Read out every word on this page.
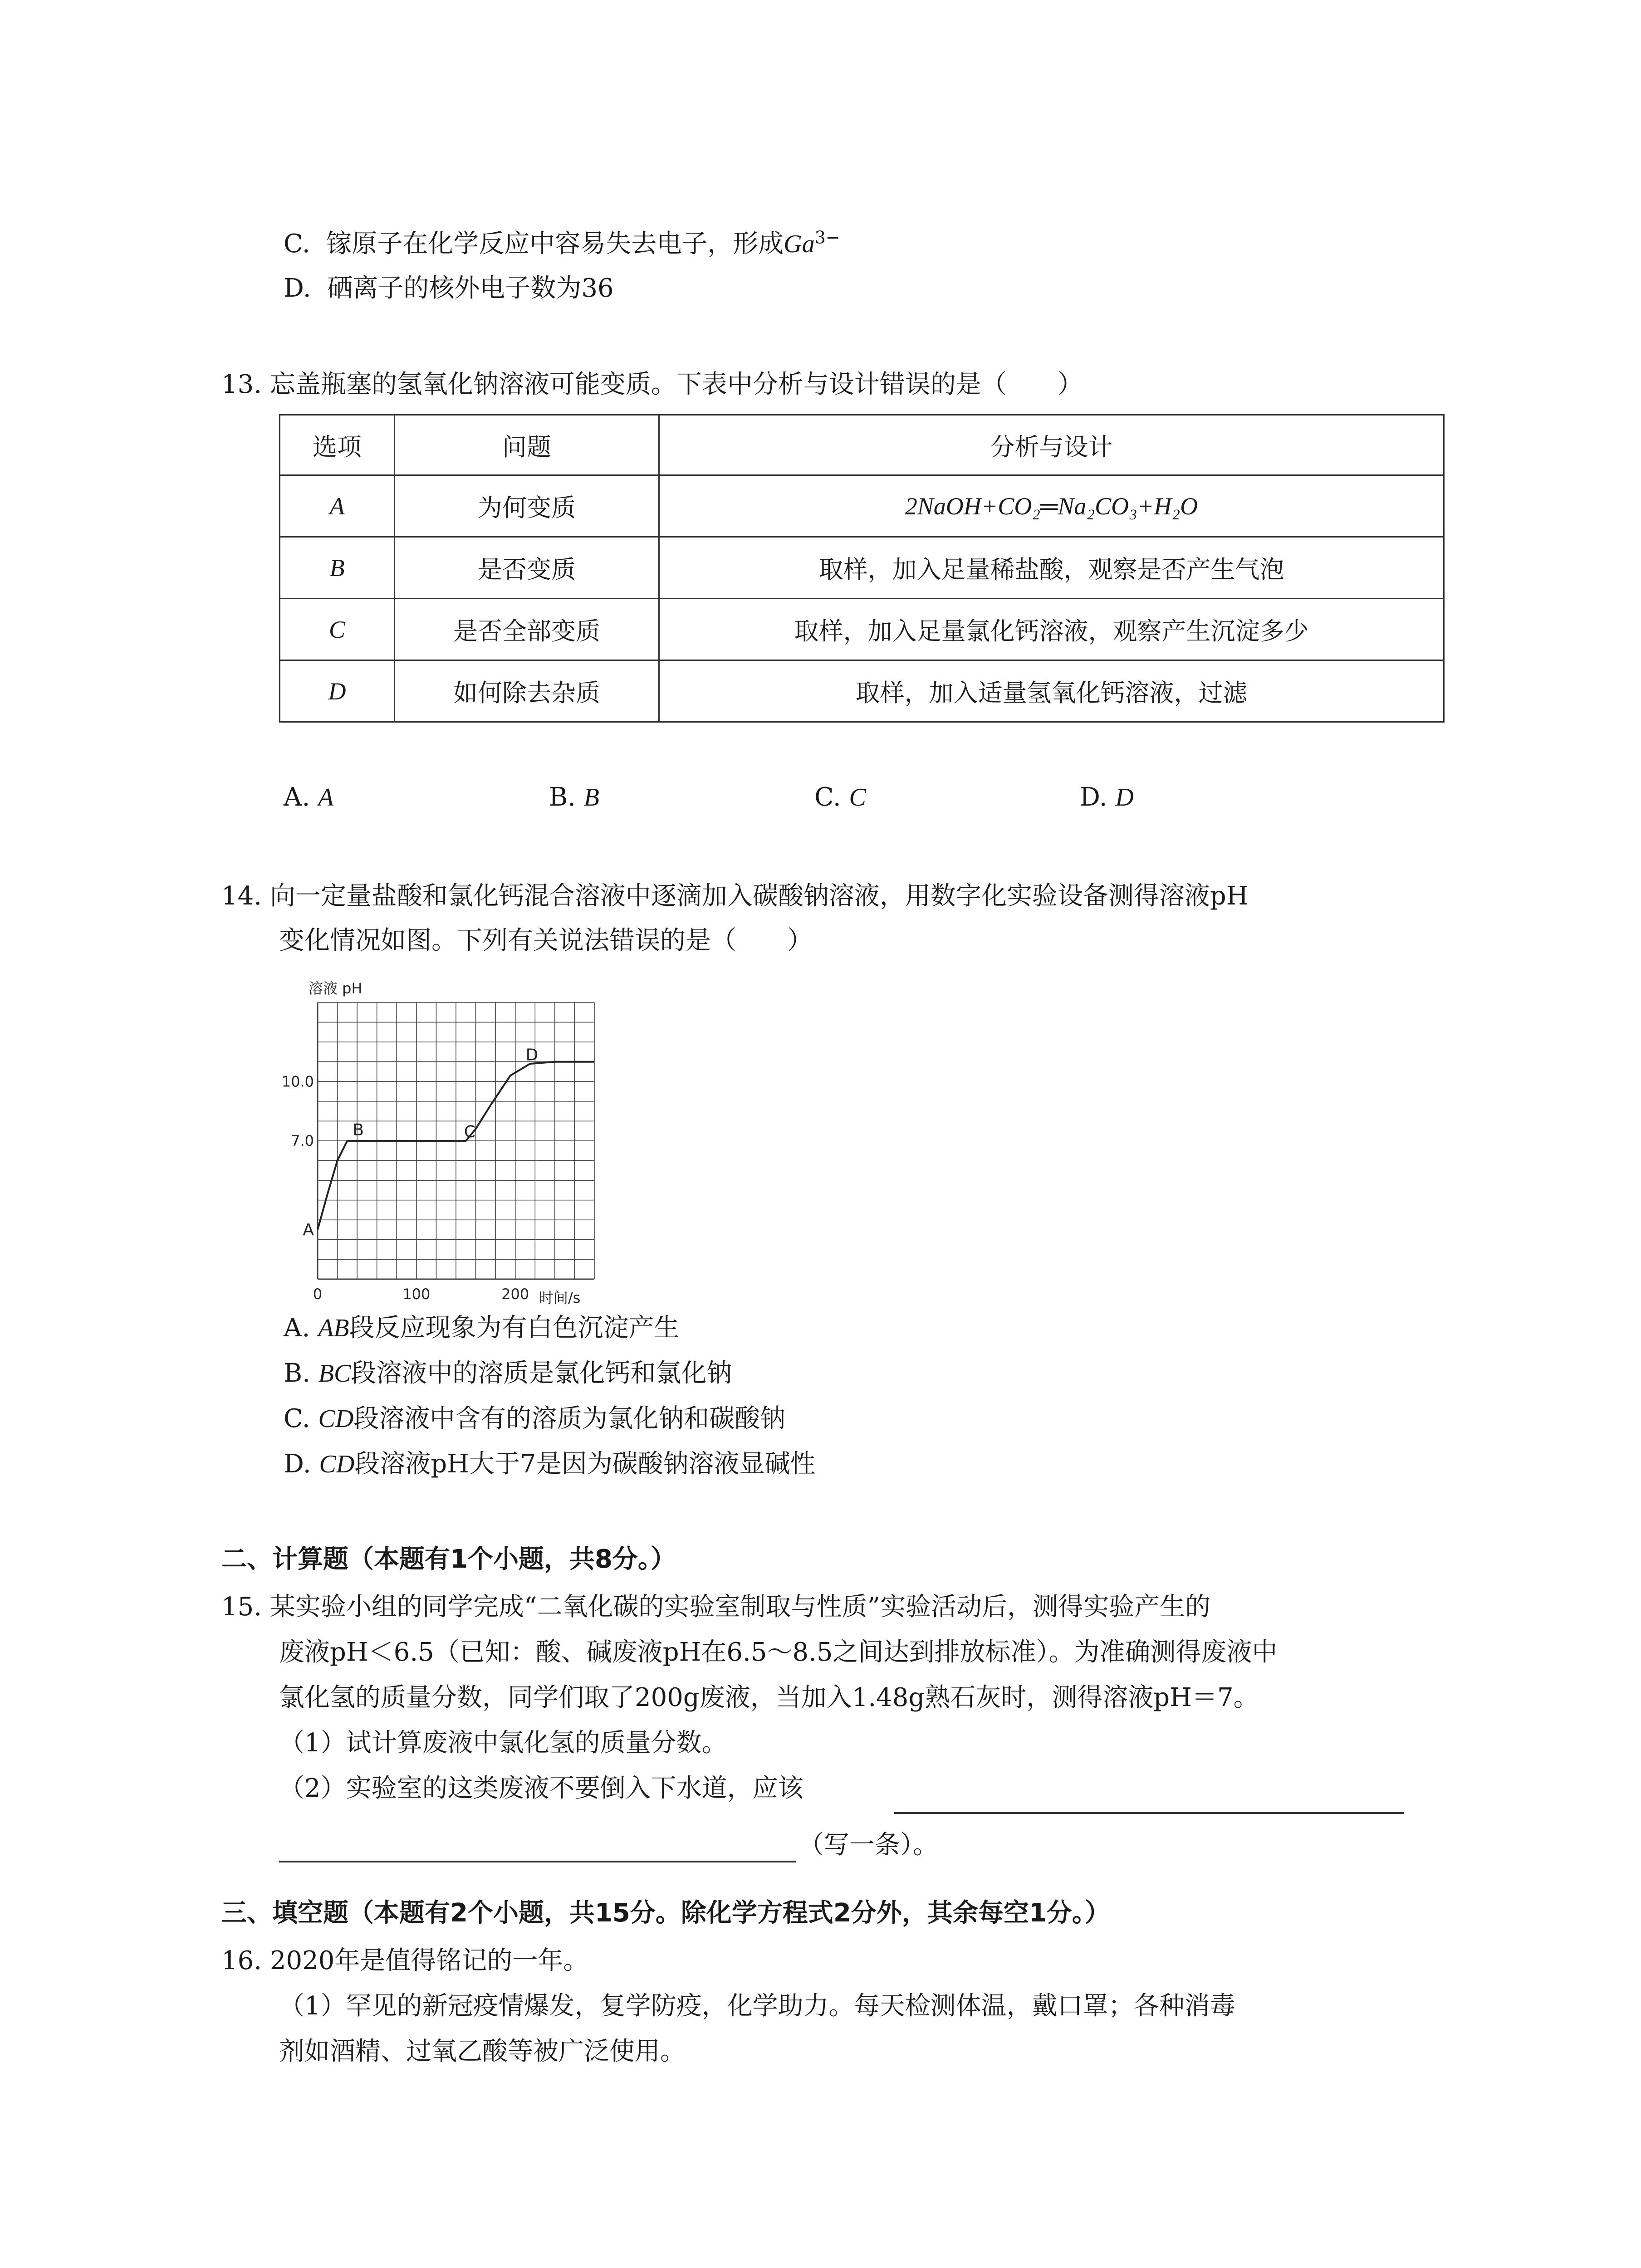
C. 镓原子在化学反应中容易失去电子，形成$Ga^{3-}$
D. 硒离子的核外电子数为36
13. 忘盖瓶塞的氢氧化钠溶液可能变质。下表中分析与设计错误的是（　　）
选项	问题	分析与设计
A	为何变质	2NaOH+CO₂═Na₂CO₃+H₂O
B	是否变质	取样，加入足量稀盐酸，观察是否产生气泡
C	是否全部变质	取样，加入足量氯化钙溶液，观察产生沉淀多少
D	如何除去杂质	取样，加入适量氢氧化钙溶液，过滤
A. A	B. B	C. C	D. D
14. 向一定量盐酸和氯化钙混合溶液中逐滴加入碳酸钠溶液，用数字化实验设备测得溶液pH
变化情况如图。下列有关说法错误的是（　　）
溶液 pH
时间/s
0	100	200
7.0
10.0
A
B	C
D
A. AB段反应现象为有白色沉淀产生
B. BC段溶液中的溶质是氯化钙和氯化钠
C. CD段溶液中含有的溶质为氯化钠和碳酸钠
D. CD段溶液pH大于7是因为碳酸钠溶液显碱性
二、计算题（本题有1个小题，共8分。）
15. 某实验小组的同学完成“二氧化碳的实验室制取与性质”实验活动后，测得实验产生的
废液pH＜6.5（已知：酸、碱废液pH在6.5～8.5之间达到排放标准）。为准确测得废液中
氯化氢的质量分数，同学们取了200g废液，当加入1.48g熟石灰时，测得溶液pH＝7。
（1）试计算废液中氯化氢的质量分数。
（2）实验室的这类废液不要倒入下水道，应该
（写一条）。
三、填空题（本题有2个小题，共15分。除化学方程式2分外，其余每空1分。）
16. 2020年是值得铭记的一年。
（1）罕见的新冠疫情爆发，复学防疫，化学助力。每天检测体温，戴口罩；各种消毒
剂如酒精、过氧乙酸等被广泛使用。
